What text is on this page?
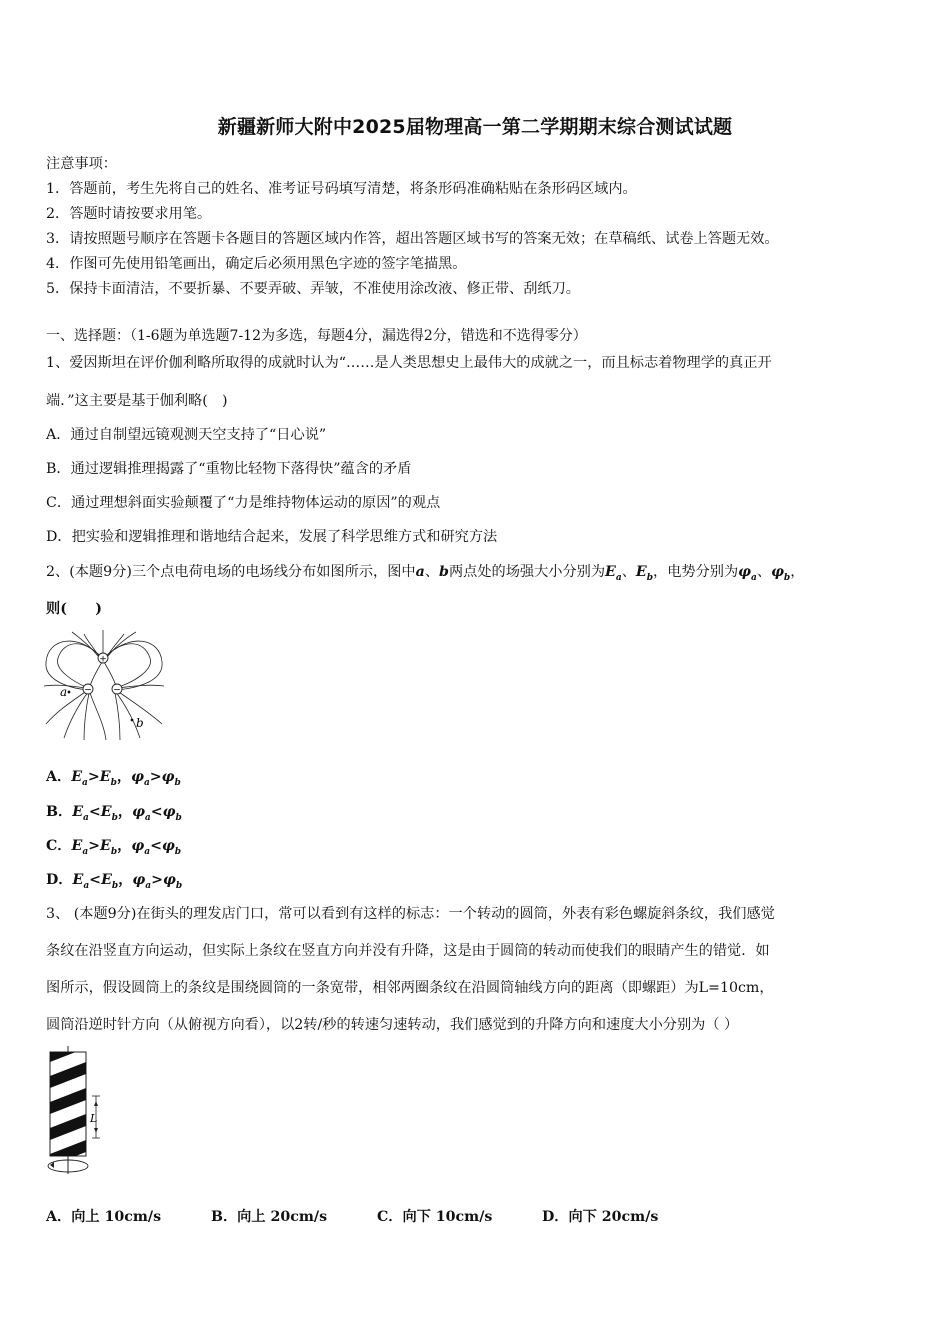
新疆新师大附中2025届物理高一第二学期期末综合测试试题
注意事项：
1．答题前，考生先将自己的姓名、准考证号码填写清楚，将条形码准确粘贴在条形码区域内。
2．答题时请按要求用笔。
3．请按照题号顺序在答题卡各题目的答题区域内作答，超出答题区域书写的答案无效；在草稿纸、试卷上答题无效。
4．作图可先使用铅笔画出，确定后必须用黑色字迹的签字笔描黑。
5．保持卡面清洁，不要折暴、不要弄破、弄皱，不准使用涂改液、修正带、刮纸刀。
一、选择题：（1-6题为单选题7-12为多选，每题4分，漏选得2分，错选和不选得零分）
1、爱因斯坦在评价伽利略所取得的成就时认为“……是人类思想史上最伟大的成就之一，而且标志着物理学的真正开
端．”这主要是基于伽利略(　)
A．通过自制望远镜观测天空支持了“日心说”
B．通过逻辑推理揭露了“重物比轻物下落得快”蕴含的矛盾
C．通过理想斜面实验颠覆了“力是维持物体运动的原因”的观点
D．把实验和逻辑推理和谐地结合起来，发展了科学思维方式和研究方法
2、(本题9分)三个点电荷电场的电场线分布如图所示，图中a、b两点处的场强大小分别为$E_a$、$E_b$，电势分别为$\varphi_a$、$\varphi_b$，
则(　　)
+
− −
a
b
A．$E_a>E_b$，$\varphi_a>\varphi_b$
B．$E_a<E_b$，$\varphi_a<\varphi_b$
C．$E_a>E_b$，$\varphi_a<\varphi_b$
D．$E_a<E_b$，$\varphi_a>\varphi_b$
3、 (本题9分)在街头的理发店门口，常可以看到有这样的标志：一个转动的圆筒，外表有彩色螺旋斜条纹，我们感觉
条纹在沿竖直方向运动，但实际上条纹在竖直方向并没有升降，这是由于圆筒的转动而使我们的眼睛产生的错觉．如
图所示，假设圆筒上的条纹是围绕圆筒的一条宽带，相邻两圈条纹在沿圆筒轴线方向的距离（即螺距）为L=10cm，
圆筒沿逆时针方向（从俯视方向看），以2转/秒的转速匀速转动，我们感觉到的升降方向和速度大小分别为（ ）
L
A．向上 10cm/s	B．向上 20cm/s	C．向下 10cm/s	D．向下 20cm/s
